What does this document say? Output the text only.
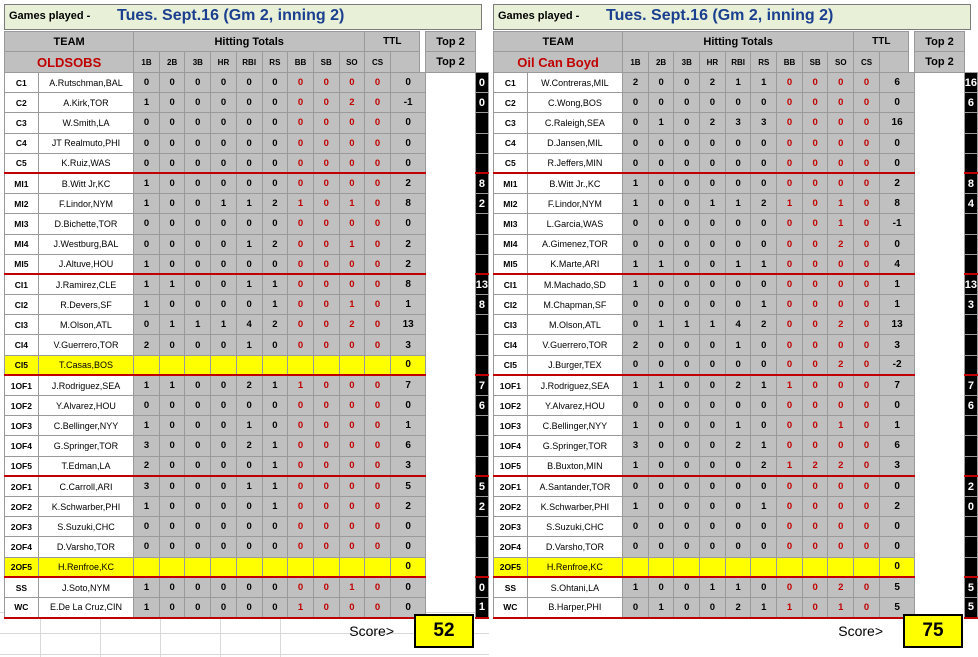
Games played - Tues. Sept.16 (Gm 2, inning 2)
TEAM		Hitting Totals									TTL			Top 2	
OLDSOBS		1B	2B	3B	HR	RBI	RS	BB	SB	SO	CS			Top 2	
C1	A.Rutschman,BAL	0	0	0	0	0	0	0	0	0	0	0			0
C2	A.Kirk,TOR	1	0	0	0	0	0	0	0	2	0	-1			0
C3	W.Smith,LA	0	0	0	0	0	0	0	0	0	0	0			
C4	JT Realmuto,PHI	0	0	0	0	0	0	0	0	0	0	0			
C5	K.Ruiz,WAS	0	0	0	0	0	0	0	0	0	0	0			
MI1	B.Witt Jr,KC	1	0	0	0	0	0	0	0	0	0	2			8
MI2	F.Lindor,NYM	1	0	0	1	1	2	1	0	1	0	8			2
MI3	D.Bichette,TOR	0	0	0	0	0	0	0	0	0	0	0			
MI4	J.Westburg,BAL	0	0	0	0	1	2	0	0	1	0	2			
MI5	J.Altuve,HOU	1	0	0	0	0	0	0	0	0	0	2			
CI1	J.Ramirez,CLE	1	1	0	0	1	1	0	0	0	0	8			13
CI2	R.Devers,SF	1	0	0	0	0	1	0	0	1	0	1			8
CI3	M.Olson,ATL	0	1	1	1	4	2	0	0	2	0	13			
CI4	V.Guerrero,TOR	2	0	0	0	1	0	0	0	0	0	3			
CI5	T.Casas,BOS											0			
1OF1	J.Rodriguez,SEA	1	1	0	0	2	1	1	0	0	0	7			7
1OF2	Y.Alvarez,HOU	0	0	0	0	0	0	0	0	0	0	0			6
1OF3	C.Bellinger,NYY	1	0	0	0	1	0	0	0	0	0	1			
1OF4	G.Springer,TOR	3	0	0	0	2	1	0	0	0	0	6			
1OF5	T.Edman,LA	2	0	0	0	0	1	0	0	0	0	3			
2OF1	C.Carroll,ARI	3	0	0	0	1	1	0	0	0	0	5			5
2OF2	K.Schwarber,PHI	1	0	0	0	0	1	0	0	0	0	2			2
2OF3	S.Suzuki,CHC	0	0	0	0	0	0	0	0	0	0	0			
2OF4	D.Varsho,TOR	0	0	0	0	0	0	0	0	0	0	0			
2OF5	H.Renfroe,KC											0			
SS	J.Soto,NYM	1	0	0	0	0	0	0	0	1	0	0			0
WC	E.De La Cruz,CIN	1	0	0	0	0	0	1	0	0	0	0			1
Score>	52
Games played - Tues. Sept.16 (Gm 2, inning 2)
TEAM		Hitting Totals									TTL			Top 2	
Oil Can Boyd		1B	2B	3B	HR	RBI	RS	BB	SB	SO	CS			Top 2	
C1	W.Contreras,MIL	2	0	0	2	1	1	0	0	0	0	6			16
C2	C.Wong,BOS	0	0	0	0	0	0	0	0	0	0	0			6
C3	C.Raleigh,SEA	0	1	0	2	3	3	0	0	0	0	16			
C4	D.Jansen,MIL	0	0	0	0	0	0	0	0	0	0	0			
C5	R.Jeffers,MIN	0	0	0	0	0	0	0	0	0	0	0			
MI1	B.Witt Jr.,KC	1	0	0	0	0	0	0	0	0	0	2			8
MI2	F.Lindor,NYM	1	0	0	1	1	2	1	0	1	0	8			4
MI3	L.Garcia,WAS	0	0	0	0	0	0	0	0	1	0	-1			
MI4	A.Gimenez,TOR	0	0	0	0	0	0	0	0	2	0	0			
MI5	K.Marte,ARI	1	1	0	0	1	1	0	0	0	0	4			
CI1	M.Machado,SD	1	0	0	0	0	0	0	0	0	0	1			13
CI2	M.Chapman,SF	0	0	0	0	0	1	0	0	0	0	1			3
CI3	M.Olson,ATL	0	1	1	1	4	2	0	0	2	0	13			
CI4	V.Guerrero,TOR	2	0	0	0	1	0	0	0	0	0	3			
CI5	J.Burger,TEX	0	0	0	0	0	0	0	0	2	0	-2			
1OF1	J.Rodriguez,SEA	1	1	0	0	2	1	1	0	0	0	7			7
1OF2	Y.Alvarez,HOU	0	0	0	0	0	0	0	0	0	0	0			6
1OF3	C.Bellinger,NYY	1	0	0	0	1	0	0	0	1	0	1			
1OF4	G.Springer,TOR	3	0	0	0	2	1	0	0	0	0	6			
1OF5	B.Buxton,MIN	1	0	0	0	0	2	1	2	2	0	3			
2OF1	A.Santander,TOR	0	0	0	0	0	0	0	0	0	0	0			2
2OF2	K.Schwarber,PHI	1	0	0	0	0	1	0	0	0	0	2			0
2OF3	S.Suzuki,CHC	0	0	0	0	0	0	0	0	0	0	0			
2OF4	D.Varsho,TOR	0	0	0	0	0	0	0	0	0	0	0			
2OF5	H.Renfroe,KC											0			
SS	S.Ohtani,LA	1	0	0	1	1	0	0	0	2	0	5			5
WC	B.Harper,PHI	0	1	0	0	2	1	1	0	1	0	5			5
Score>	75
